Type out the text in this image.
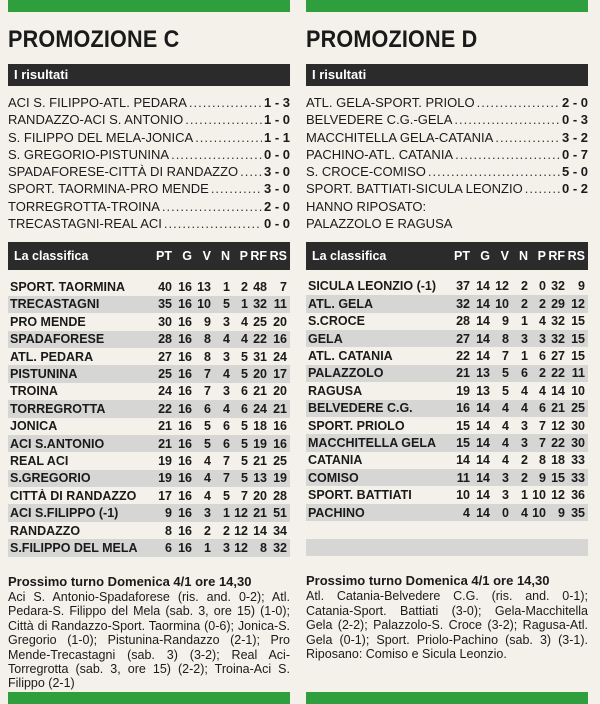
PROMOZIONE C
I risultati
ACI S. FILIPPO-ATL. PEDARA .....	1 - 3
RANDAZZO-ACI S. ANTONIO .....	1 - 0
S. FILIPPO DEL MELA-JONICA .....	1 - 1
S. GREGORIO-PISTUNINA .....	0 - 0
SPADAFORESE-CITTÀ DI RANDAZZO ..... 3 - 0
SPORT. TAORMINA-PRO MENDE .....	3 - 0
TORREGROTTA-TROINA .....	2 - 0
TRECASTAGNI-REAL ACI .....	0 - 0
La classifica	PT G V N P RF RS
SPORT. TAORMINA	40 16 13 1 2 48	7
TRECASTAGNI	35 16 10 5 1 32 11
PRO MENDE	30 16 9 3 4 25 20
SPADAFORESE	28 16 8 4 4 22 16
ATL. PEDARA	27 16 8 3 5 31 24
PISTUNINA	25 16 7 4 5 20 17
TROINA	24 16 7 3 6 21 20
TORREGROTTA	22 16 6 4 6 24 21
JONICA	21 16 5 6 5 18 16
ACI S.ANTONIO	21 16 5 6 5 19 16
REAL ACI	19 16 4 7 5 21 25
S.GREGORIO	19 16 4 7 5 13 19
CITTÀ DI RANDAZZO	17 16 4 5 7 20 28
ACI S.FILIPPO (-1)	9 16 3 1 12 21 51
RANDAZZO	8 16 2 2 12 14 34
S.FILIPPO DEL MELA	6 16 1 3 12 8 32
Prossimo turno Domenica 4/1 ore 14,30
Aci S. Antonio-Spadaforese (ris. and. 0-2); Atl. Pedara-S. Filippo del Mela (sab. 3, ore 15) (1-0); Città di Randazzo-Sport. Taormina (0-6); Jonica-S. Gregorio (1-0); Pistunina-Randazzo (2-1); Pro Mende-Trecastagni (sab. 3) (3-2); Real Aci-Torregrotta (sab. 3, ore 15) (2-2); Troina-Aci S. Filippo (2-1)
PROMOZIONE D
I risultati
ATL. GELA-SPORT. PRIOLO .....	2 - 0
BELVEDERE C.G.-GELA .....	0 - 3
MACCHITELLA GELA-CATANIA .....	3 - 2
PACHINO-ATL. CATANIA .....	0 - 7
S. CROCE-COMISO .....	5 - 0
SPORT. BATTIATI-SICULA LEONZIO .....	0 - 2
HANNO RIPOSATO:
PALAZZOLO E RAGUSA
La classifica	PT G V N P RF RS
SICULA LEONZIO (-1)	37 14 12 2 0 32	9
ATL. GELA	32 14 10 2 2 29 12
S.CROCE	28 14 9 1 4 32 15
GELA	27 14 8 3 3 32 15
ATL. CATANIA	22 14 7 1 6 27 15
PALAZZOLO	21 13 5 6 2 22 11
RAGUSA	19 13 5 4 4 14 10
BELVEDERE C.G.	16 14 4 4 6 21 25
SPORT. PRIOLO	15 14 4 3 7 12 30
MACCHITELLA GELA	15 14 4 3 7 22 30
CATANIA	14 14 4 2 8 18 33
COMISO	11 14 3 2 9 15 33
SPORT. BATTIATI	10 14 3 1 10 12 36
PACHINO	4 14 0 4 10 9 35
Prossimo turno Domenica 4/1 ore 14,30
Atl. Catania-Belvedere C.G. (ris. and. 0-1); Catania-Sport. Battiati (3-0); Gela-Macchitella Gela (2-2); Palazzolo-S. Croce (3-2); Ragusa-Atl. Gela (0-1); Sport. Priolo-Pachino (sab. 3) (3-1). Riposano: Comiso e Sicula Leonzio.
